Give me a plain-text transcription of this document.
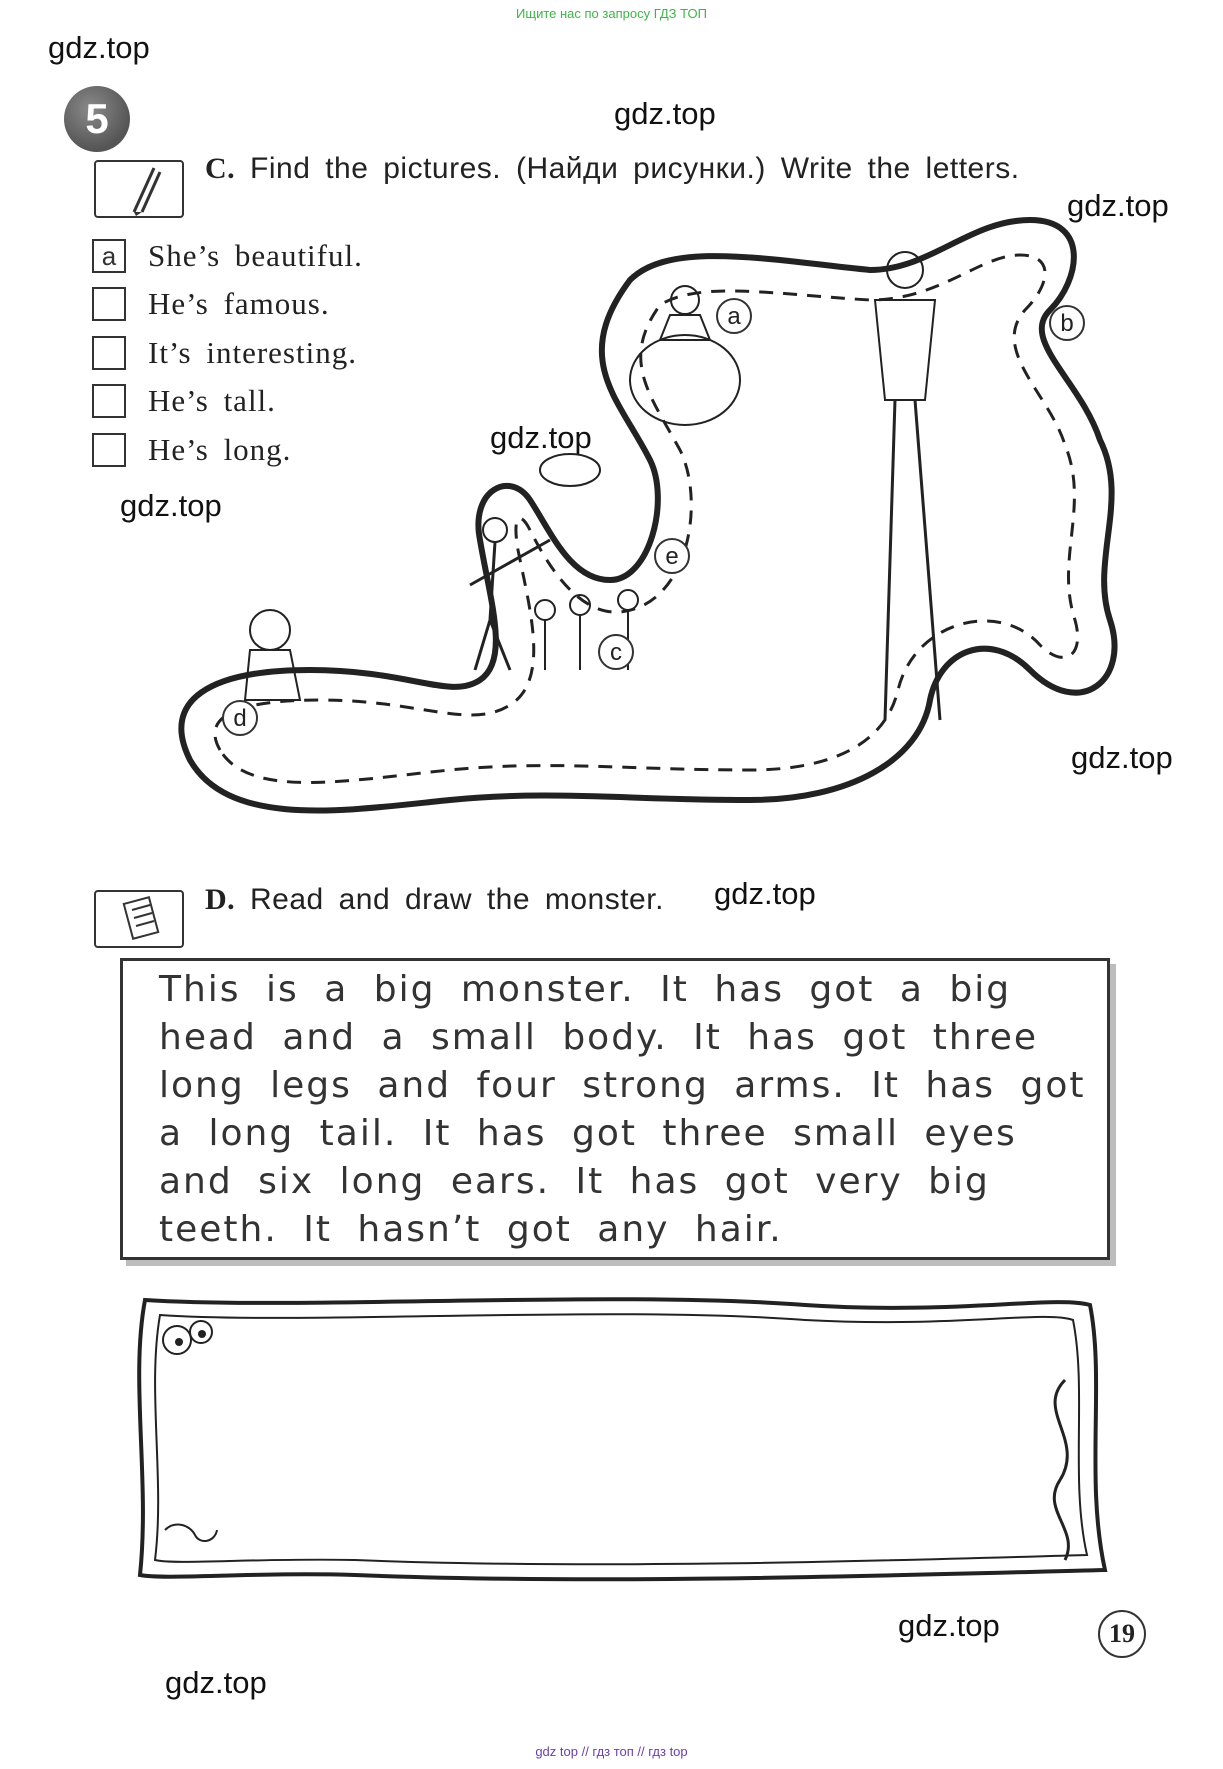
Ищите нас по запросу ГДЗ ТОП
gdz.top
gdz.top
gdz.top
gdz.top
gdz.top
gdz.top
gdz.top
gdz.top
gdz.top
5
C. Find the pictures. (Найди рисунки.) Write the letters.
a	She’s beautiful.
He’s famous.
It’s interesting.
He’s tall.
He’s long.
a	b
c
d
e
D. Read and draw the monster.
This is a big monster. It has got a big
head and a small body. It has got three
long legs and four strong arms. It has got
a long tail. It has got three small eyes
and six long ears. It has got very big
teeth. It hasn’t got any hair.
19
gdz top // гдз топ // гдз top
